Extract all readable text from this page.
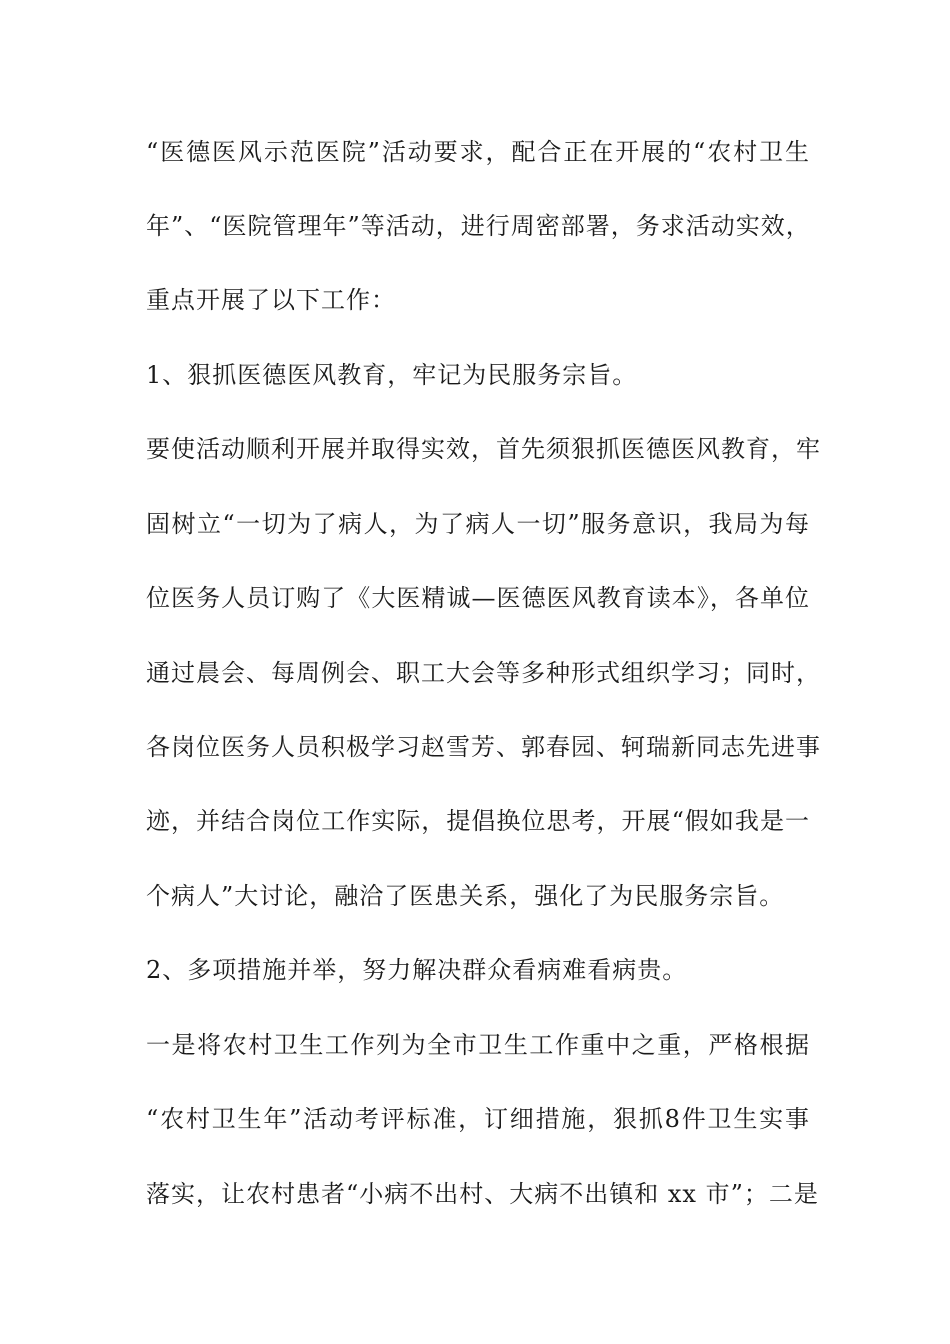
“医德医风示范医院”活动要求，配合正在开展的“农村卫生
年”、“医院管理年”等活动，进行周密部署，务求活动实效，
重点开展了以下工作：
1、狠抓医德医风教育，牢记为民服务宗旨。
要使活动顺利开展并取得实效，首先须狠抓医德医风教育，牢
固树立“一切为了病人，为了病人一切”服务意识，我局为每
位医务人员订购了《大医精诚—医德医风教育读本》，各单位
通过晨会、每周例会、职工大会等多种形式组织学习；同时，
各岗位医务人员积极学习赵雪芳、郭春园、轲瑞新同志先进事
迹，并结合岗位工作实际，提倡换位思考，开展“假如我是一
个病人”大讨论，融洽了医患关系，强化了为民服务宗旨。
2、多项措施并举，努力解决群众看病难看病贵。
一是将农村卫生工作列为全市卫生工作重中之重，严格根据
“农村卫生年”活动考评标准，订细措施，狠抓8件卫生实事
落实，让农村患者“小病不出村、大病不出镇和 xx 市”；二是
